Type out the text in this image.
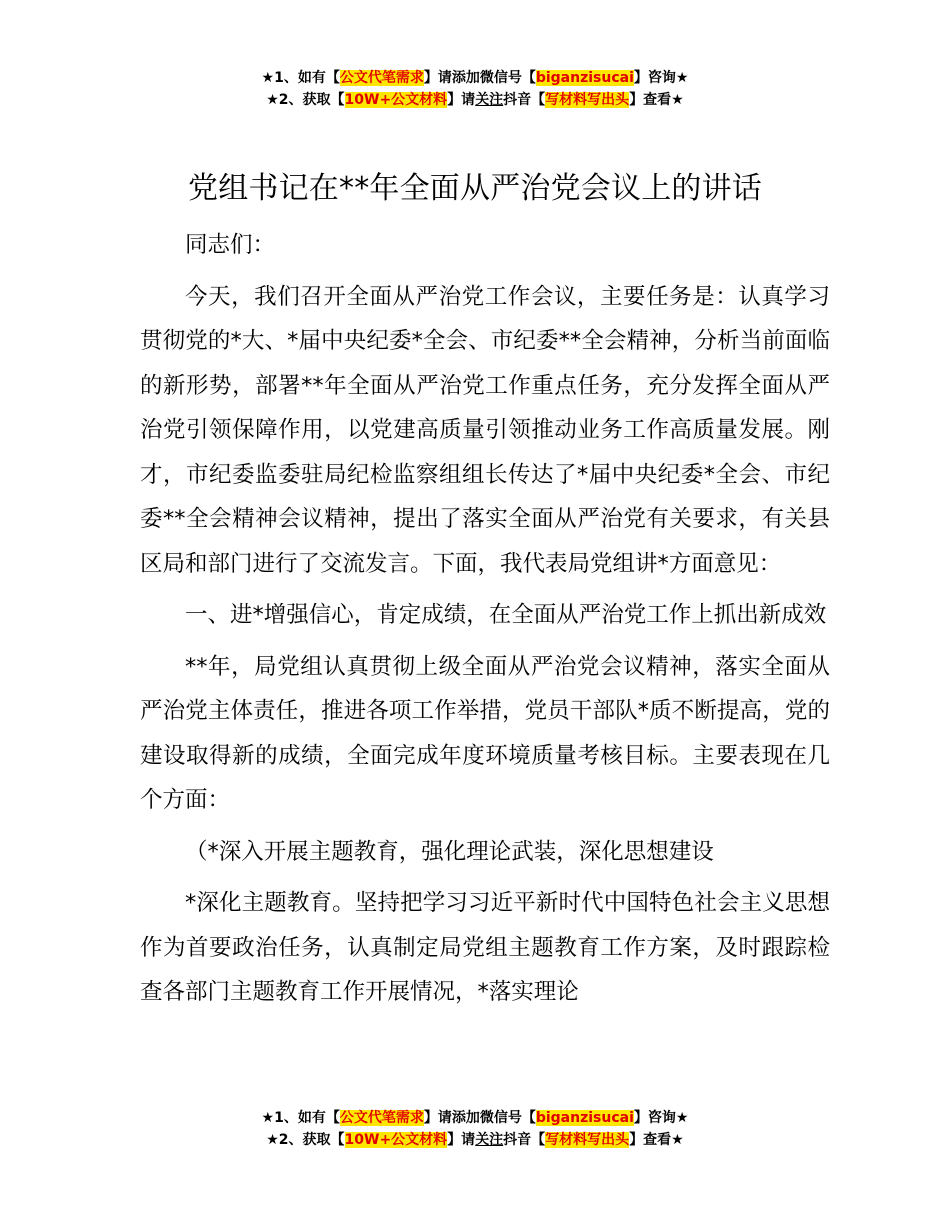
★1、如有【公文代笔需求】请添加微信号【biganzisucai】咨询★
★2、获取【10W+公文材料】请关注抖音【写材料写出头】查看★
党组书记在**年全面从严治党会议上的讲话

同志们：

今天，我们召开全面从严治党工作会议，主要任务是：认真学习贯彻党的*大、*届中央纪委*全会、市纪委**全会精神，分析当前面临的新形势，部署**年全面从严治党工作重点任务，充分发挥全面从严治党引领保障作用，以党建高质量引领推动业务工作高质量发展。刚才，市纪委监委驻局纪检监察组组长传达了*届中央纪委*全会、市纪委**全会精神会议精神，提出了落实全面从严治党有关要求，有关县区局和部门进行了交流发言。下面，我代表局党组讲*方面意见：

一、进*增强信心，肯定成绩，在全面从严治党工作上抓出新成效

**年，局党组认真贯彻上级全面从严治党会议精神，落实全面从严治党主体责任，推进各项工作举措，党员干部队*质不断提高，党的建设取得新的成绩，全面完成年度环境质量考核目标。主要表现在几个方面：

（*深入开展主题教育，强化理论武装，深化思想建设

*深化主题教育。坚持把学习习近平新时代中国特色社会主义思想作为首要政治任务，认真制定局党组主题教育工作方案，及时跟踪检查各部门主题教育工作开展情况，*落实理论

★1、如有【公文代笔需求】请添加微信号【biganzisucai】咨询★
★2、获取【10W+公文材料】请关注抖音【写材料写出头】查看★
